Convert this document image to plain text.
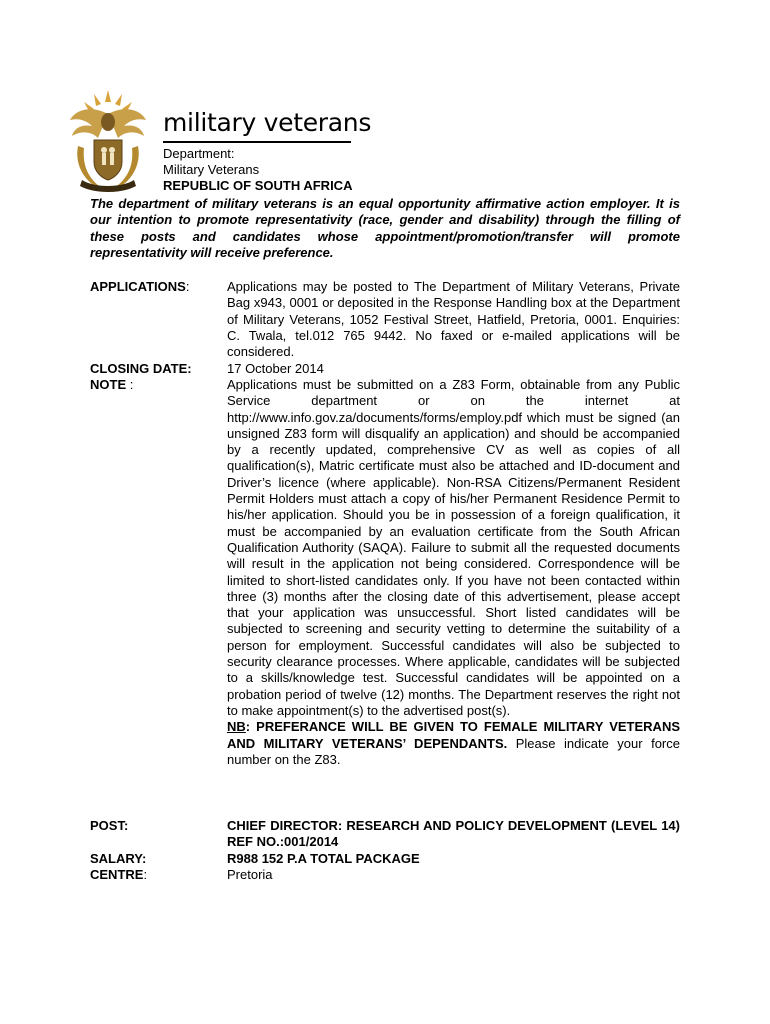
military veterans

Department:
Military Veterans
REPUBLIC OF SOUTH AFRICA

The department of military veterans is an equal opportunity affirmative action employer. It is our intention to promote representativity (race, gender and disability) through the filling of these posts and candidates whose appointment/promotion/transfer will promote representativity will receive preference.

APPLICATIONS:	Applications may be posted to The Department of Military Veterans, Private Bag x943, 0001 or deposited in the Response Handling box at the Department of Military Veterans, 1052 Festival Street, Hatfield, Pretoria, 0001. Enquiries: C. Twala, tel.012 765 9442. No faxed or e-mailed applications will be considered.

CLOSING DATE:	17 October 2014

NOTE :	Applications must be submitted on a Z83 Form, obtainable from any Public Service department or on the internet at http://www.info.gov.za/documents/forms/employ.pdf which must be signed (an unsigned Z83 form will disqualify an application) and should be accompanied by a recently updated, comprehensive CV as well as copies of all qualification(s), Matric certificate must also be attached and ID-document and Driver’s licence (where applicable). Non-RSA Citizens/Permanent Resident Permit Holders must attach a copy of his/her Permanent Residence Permit to his/her application. Should you be in possession of a foreign qualification, it must be accompanied by an evaluation certificate from the South African Qualification Authority (SAQA). Failure to submit all the requested documents will result in the application not being considered. Correspondence will be limited to short-listed candidates only. If you have not been contacted within three (3) months after the closing date of this advertisement, please accept that your application was unsuccessful. Short listed candidates will be subjected to screening and security vetting to determine the suitability of a person for employment. Successful candidates will also be subjected to security clearance processes. Where applicable, candidates will be subjected to a skills/knowledge test. Successful candidates will be appointed on a probation period of twelve (12) months. The Department reserves the right not to make appointment(s) to the advertised post(s).

NB: PREFERANCE WILL BE GIVEN TO FEMALE MILITARY VETERANS AND MILITARY VETERANS’ DEPENDANTS. Please indicate your force number on the Z83.

POST:	CHIEF DIRECTOR: RESEARCH AND POLICY DEVELOPMENT (LEVEL 14) REF NO.:001/2014

SALARY:	R988 152 P.A TOTAL PACKAGE

CENTRE:	Pretoria
